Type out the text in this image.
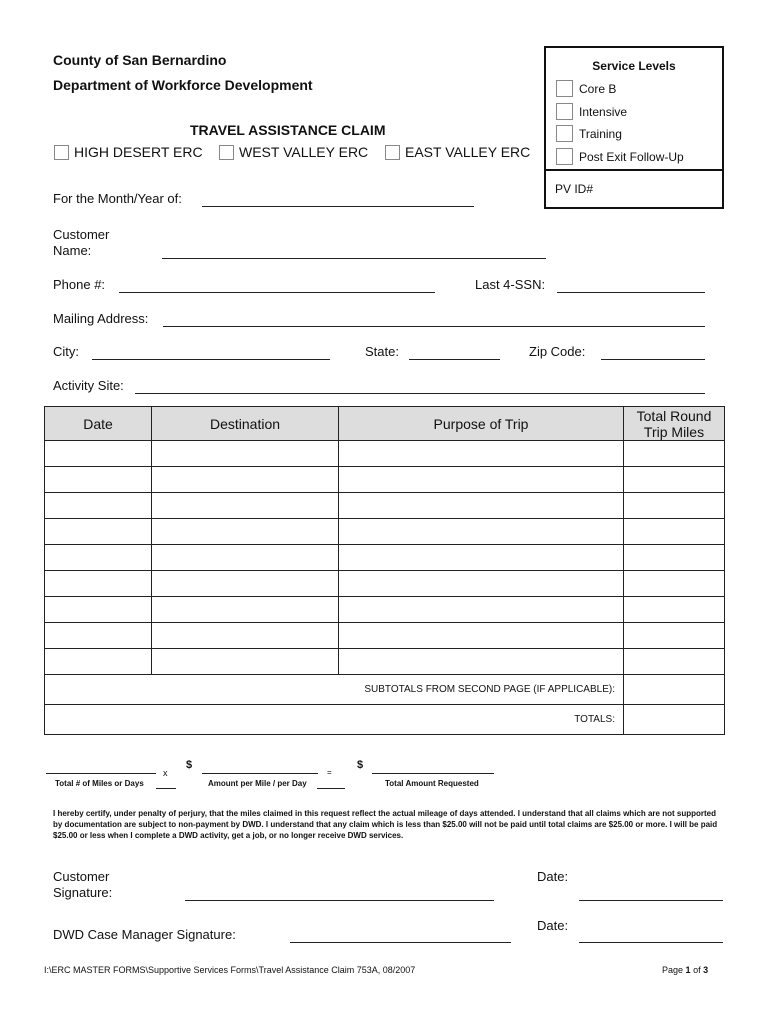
County of San Bernardino
Department of Workforce Development
TRAVEL ASSISTANCE CLAIM
HIGH DESERT ERC	WEST VALLEY ERC	EAST VALLEY ERC
Service Levels
Core B
Intensive
Training
Post Exit Follow-Up
PV ID#
For the Month/Year of:
Customer
Name:
Phone #:	Last 4-SSN:
Mailing Address:
City:	State:	Zip Code:
Activity Site:
Date	Destination	Purpose of Trip	Total Round Trip Miles

SUBTOTALS FROM SECOND PAGE (IF APPLICABLE):			
TOTALS:			
Total # of Miles or Days
x
$
Amount per Mile / per Day
=
$
Total Amount Requested
I hereby certify, under penalty of perjury, that the miles claimed in this request reflect the actual mileage of days attended. I understand that all claims which are not supported by documentation are subject to non-payment by DWD. I understand that any claim which is less than $25.00 will not be paid until total claims are $25.00 or more. I will be paid $25.00 or less when I complete a DWD activity, get a job, or no longer receive DWD services.
Customer
Signature:
Date:
DWD Case Manager Signature:
Date:
I:\ERC MASTER FORMS\Supportive Services Forms\Travel Assistance Claim 753A, 08/2007	Page 1 of 3
